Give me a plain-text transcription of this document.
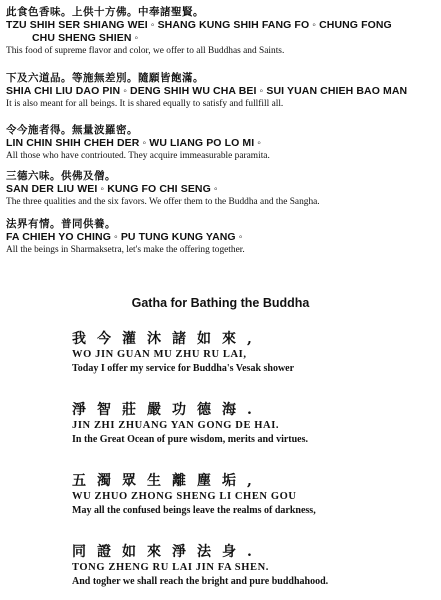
此食色香味。上供十方佛。中奉諸聖賢。
TZU SHIH SER SHIANG WEI ◦ SHANG KUNG SHIH FANG FO ◦ CHUNG FONG
CHU SHENG SHIEN ◦
This food of supreme flavor and color, we offer to all Buddhas and Saints.
下及六道品。等施無差別。隨願皆飽滿。
SHIA CHI LIU DAO PIN ◦ DENG SHIH WU CHA BEI ◦ SUI YUAN CHIEH BAO MAN
It is also meant for all beings. It is shared equally to satisfy and fullfill all.
令今施者得。無量波羅密。
LIN CHIN SHIH CHEH DER ◦ WU LIANG PO LO MI ◦
All those who have contriouted. They acquire immeasurable paramita.
三德六味。供佛及僧。
SAN DER LIU WEI ◦ KUNG FO CHI SENG ◦
The three qualities and the six favors. We offer them to the Buddha and the Sangha.
法界有情。普同供養。
FA CHIEH YO CHING ◦ PU TUNG KUNG YANG ◦
All the beings in Sharmaksetra, let's make the offering together.
Gatha for Bathing the Buddha
我今灌沐諸如來,
WO JIN GUAN MU ZHU RU LAI,
Today I offer my service for Buddha's Vesak shower
淨智莊嚴功德海.
JIN ZHI ZHUANG YAN GONG DE HAI.
In the Great Ocean of pure wisdom, merits and virtues.
五濁眾生離塵垢,
WU ZHUO ZHONG SHENG LI CHEN GOU
May all the confused beings leave the realms of darkness,
同證如來淨法身.
TONG ZHENG RU LAI JIN FA SHEN.
And togher we shall reach the bright and pure buddhahood.
